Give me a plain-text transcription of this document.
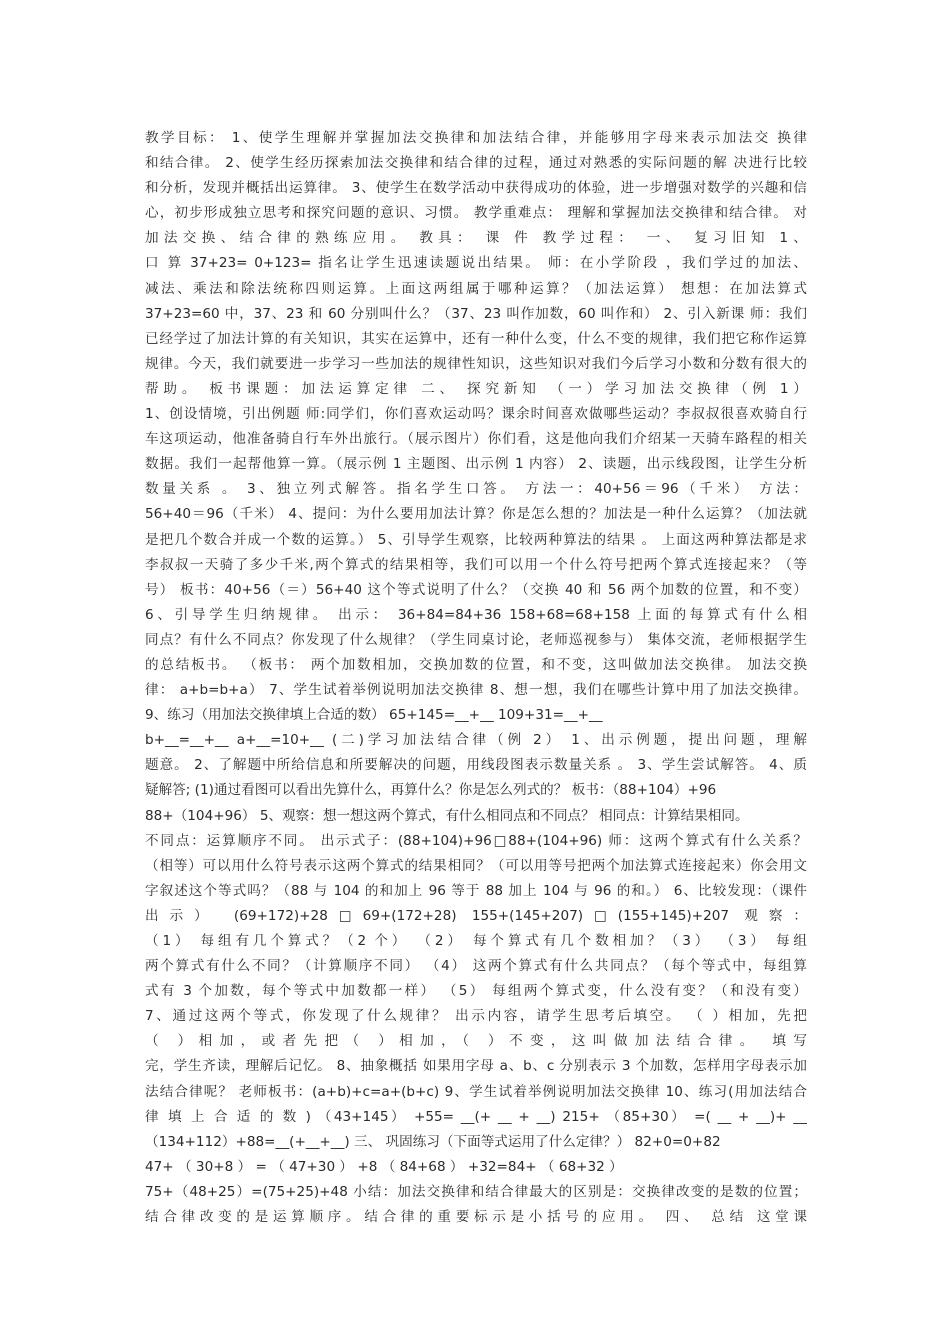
教学目标： 1、使学生理解并掌握加法交换律和加法结合律，并能够用字母来表示加法交 换律
和结合律。 2、使学生经历探索加法交换律和结合律的过程，通过对熟悉的实际问题的解 决进行比较
和分析，发现并概括出运算律。 3、使学生在数学活动中获得成功的体验，进一步增强对数学的兴趣和信
心，初步形成独立思考和探究问题的意识、习惯。 教学重难点： 理解和掌握加法交换律和结合律。 对
加法交换、结合律的熟练应用。 教具： 课 件 教学过程： 一、 复习旧知 1、
口 算 37+23= 0+123= 指名让学生迅速读题说出结果。 师：在小学阶段 ，我们学过的加法、
减法、乘法和除法统称四则运算。上面这两组属于哪种运算？（加法运算） 想想：在加法算式
37+23=60 中，37、23 和 60 分别叫什么？（37、23 叫作加数，60 叫作和） 2、引入新课 师：我们
已经学过了加法计算的有关知识，其实在运算中，还有一种什么变，什么不变的规律，我们把它称作运算
规律。今天，我们就要进一步学习一些加法的规律性知识，这些知识对我们今后学习小数和分数有很大的
帮助。 板书课题：加法运算定律 二、 探究新知 （一）学习加法交换律（例 1）
1、创设情境，引出例题 师:同学们，你们喜欢运动吗？课余时间喜欢做哪些运动？李叔叔很喜欢骑自行
车这项运动，他准备骑自行车外出旅行。（展示图片）你们看，这是他向我们介绍某一天骑车路程的相关
数据。我们一起帮他算一算。（展示例 1 主题图、出示例 1 内容） 2、读题，出示线段图，让学生分析
数量关系 。 3、独立列式解答。指名学生口答。 方法一：40+56＝96（千米） 方法：
56+40＝96（千米） 4、提问：为什么要用加法计算？你是怎么想的？加法是一种什么运算？（加法就
是把几个数合并成一个数的运算。） 5、引导学生观察，比较两种算法的结果 。 上面这两种算法都是求
李叔叔一天骑了多少千米,两个算式的结果相等，我们可以用一个什么符号把两个算式连接起来？（等
号） 板书：40+56（＝）56+40 这个等式说明了什么？（交换 40 和 56 两个加数的位置，和不变）
6、引导学生归纳规律。 出示： 36+84=84+36 158+68=68+158 上面的每算式有什么相
同点？有什么不同点？你发现了什么规律？（学生同桌讨论，老师巡视参与） 集体交流，老师根据学生
的总结板书。 （板书： 两个加数相加，交换加数的位置，和不变，这叫做加法交换律。 加法交换
律： a+b=b+a） 7、学生试着举例说明加法交换律 8、想一想，我们在哪些计算中用了加法交换律。
9、练习（用加法交换律填上合适的数） 65+145=__+__ 109+31=__+__
b+__=__+__ a+__=10+__ (二)学习加法结合律（例 2） 1、出示例题，提出问题，理解
题意。 2、了解题中所给信息和所要解决的问题，用线段图表示数量关系 。 3、学生尝试解答。 4、质
疑解答; (1)通过看图可以看出先算什么，再算什么？你是怎么列式的？ 板书：（88+104）+96
88+（104+96） 5、观察：想一想这两个算式，有什么相同点和不同点？ 相同点：计算结果相同。
不同点：运算顺序不同。 出示式子：(88+104)+96□88+(104+96) 师：这两个算式有什么关系？
（相等）可以用什么符号表示这两个算式的结果相同？（可以用等号把两个加法算式连接起来）你会用文
字叙述这个等式吗？（88 与 104 的和加上 96 等于 88 加上 104 与 96 的和。） 6、比较发现：（课件
出示） (69+172)+28□69+(172+28) 155+(145+207)□(155+145)+207 观察：
（1） 每组有几个算式？（2 个） （2） 每个算式有几个数相加？（3） （3） 每组
两个算式有什么不同？（计算顺序不同） （4） 这两个算式有什么共同点？（每个等式中，每组算
式有 3 个加数，每个等式中加数都一样） （5） 每组两个算式变，什么没有变？（和没有变）
7、通过这两个等式，你发现了什么规律？ 出示内容，请学生思考后填空。 （ ）相加，先把
（ ）相加，或者先把（ ）相加，（ ）不变，这叫做加法结合律。 填写
完，学生齐读，理解后记忆。 8、抽象概括 如果用字母 a、b、c 分别表示 3 个加数，怎样用字母表示加
法结合律呢？ 老师板书：(a+b)+c=a+(b+c) 9、学生试着举例说明加法交换律 10、练习(用加法结合
律 填 上 合 适 的 数 ) （43+145） +55= __(+ __ + __) 215+ （85+30） =( __ + __)+ __
（134+112）+88=__(+__+__) 三、 巩固练习（下面等式运用了什么定律？） 82+0=0+82
47+ （ 30+8 ） = （ 47+30 ） +8 （ 84+68 ） +32=84+ （ 68+32 ）
75+（48+25）=(75+25)+48 小结：加法交换律和结合律最大的区别是：交换律改变的是数的位置；
结合律改变的是运算顺序。结合律的重要标示是小括号的应用。 四、 总结 这堂课
